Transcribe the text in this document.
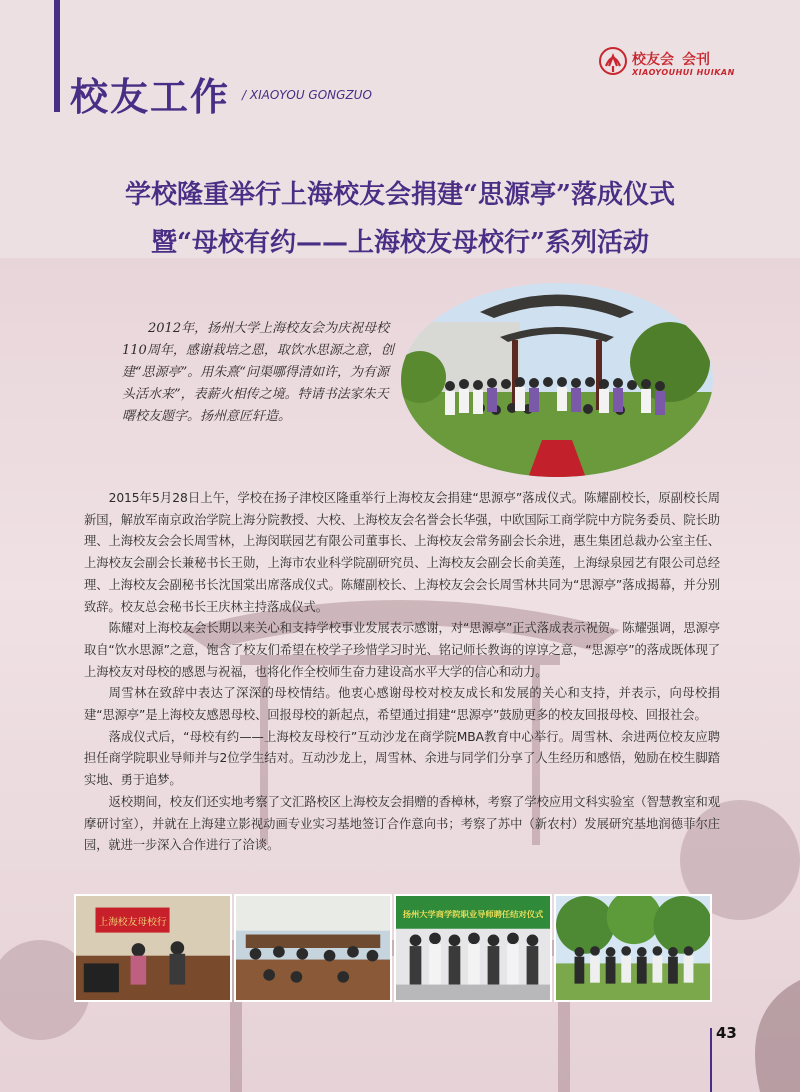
校友工作 / XIAOYOU GONGZUO
校友会 会刊
XIAOYOUHUI HUIKAN
学校隆重举行上海校友会捐建“思源亭”落成仪式
暨“母校有约——上海校友母校行”系列活动

2012年，扬州大学上海校友会为庆祝母校110周年，感谢栽培之恩，取饮水思源之意，创建“思源亭”。用朱熹“问渠哪得清如许，为有源头活水来”，表薪火相传之境。特请书法家朱天曙校友题字。扬州意匠轩造。

2015年5月28日上午，学校在扬子津校区隆重举行上海校友会捐建“思源亭”落成仪式。陈耀副校长，原副校长周新国，解放军南京政治学院上海分院教授、大校、上海校友会名誉会长华强，中欧国际工商学院中方院务委员、院长助理、上海校友会会长周雪林，上海闵联园艺有限公司董事长、上海校友会常务副会长余进，惠生集团总裁办公室主任、上海校友会副会长兼秘书长王勋，上海市农业科学院副研究员、上海校友会副会长俞美莲，上海绿泉园艺有限公司总经理、上海校友会副秘书长沈国棠出席落成仪式。陈耀副校长、上海校友会会长周雪林共同为“思源亭”落成揭幕，并分别致辞。校友总会秘书长王庆林主持落成仪式。

陈耀对上海校友会长期以来关心和支持学校事业发展表示感谢，对“思源亭”正式落成表示祝贺。陈耀强调，思源亭取自“饮水思源”之意，饱含了校友们希望在校学子珍惜学习时光、铭记师长教诲的谆谆之意，“思源亭”的落成既体现了上海校友对母校的感恩与祝福，也将化作全校师生奋力建设高水平大学的信心和动力。

周雪林在致辞中表达了深深的母校情结。他衷心感谢母校对校友成长和发展的关心和支持，并表示，向母校捐建“思源亭”是上海校友感恩母校、回报母校的新起点，希望通过捐建“思源亭”鼓励更多的校友回报母校、回报社会。

落成仪式后，“母校有约——上海校友母校行”互动沙龙在商学院MBA教育中心举行。周雪林、余进两位校友应聘担任商学院职业导师并与2位学生结对。互动沙龙上，周雪林、余进与同学们分享了人生经历和感悟，勉励在校生脚踏实地、勇于追梦。

返校期间，校友们还实地考察了文汇路校区上海校友会捐赠的香樟林，考察了学校应用文科实验室（智慧教室和观摩研讨室），并就在上海建立影视动画专业实习基地签订合作意向书；考察了苏中（新农村）发展研究基地润德菲尔庄园，就进一步深入合作进行了洽谈。

上海校友母校行
扬州大学商学院职业导师聘任结对仪式
43
